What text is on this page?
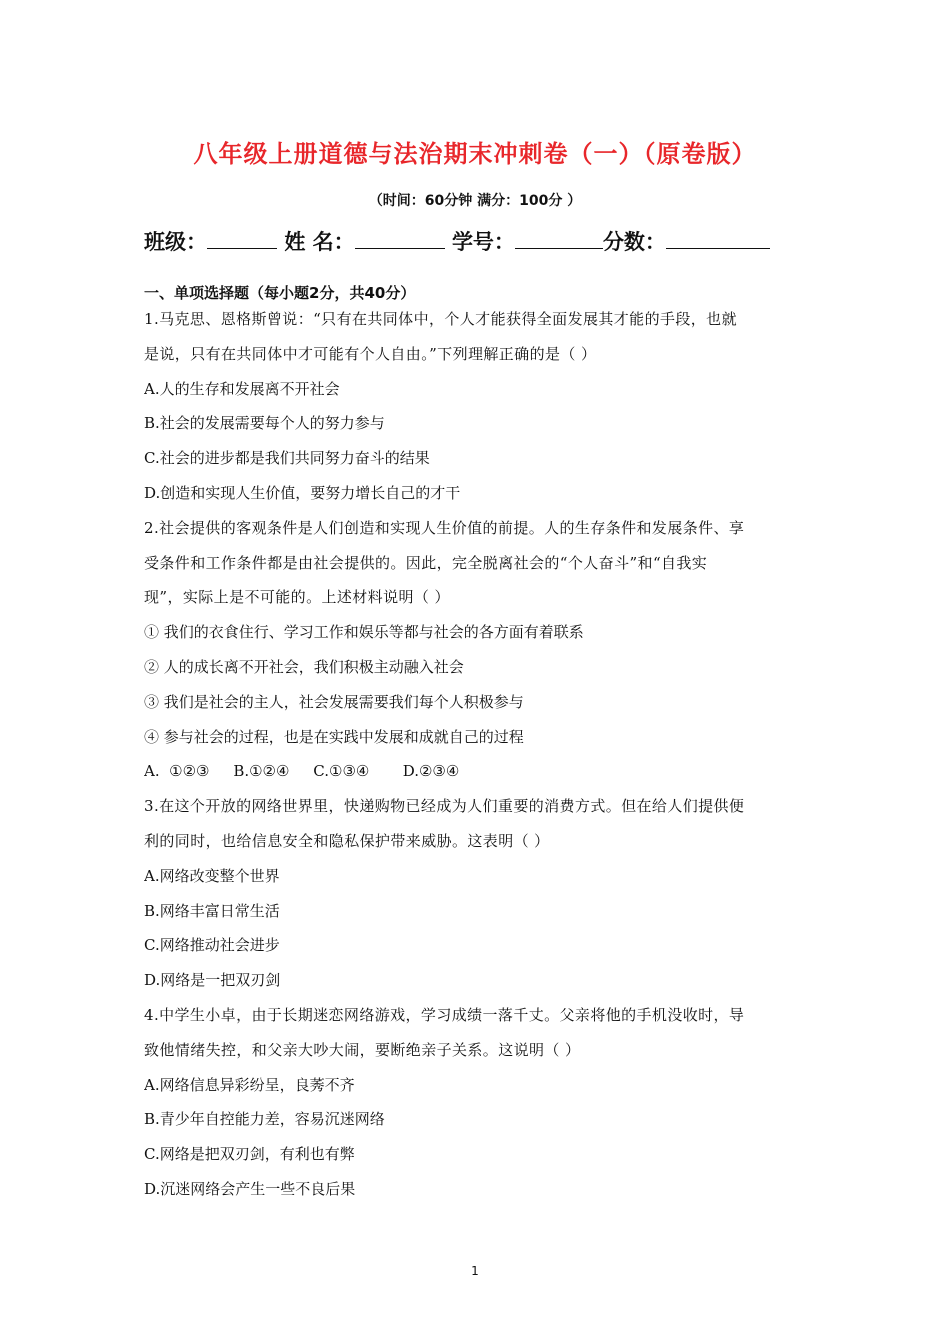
八年级上册道德与法治期末冲刺卷（一）（原卷版）
（时间：60分钟 满分：100分 ）
班级：	姓 名：	学号：	分数：
一、单项选择题（每小题2分，共40分）
1.马克思、恩格斯曾说：“只有在共同体中，个人才能获得全面发展其才能的手段，也就
是说，只有在共同体中才可能有个人自由。”下列理解正确的是（ ）
A.人的生存和发展离不开社会
B.社会的发展需要每个人的努力参与
C.社会的进步都是我们共同努力奋斗的结果
D.创造和实现人生价值，要努力增长自己的才干
2.社会提供的客观条件是人们创造和实现人生价值的前提。人的生存条件和发展条件、享
受条件和工作条件都是由社会提供的。因此，完全脱离社会的“个人奋斗”和“自我实
现”，实际上是不可能的。上述材料说明（ ）
① 我们的衣食住行、学习工作和娱乐等都与社会的各方面有着联系
② 人的成长离不开社会，我们积极主动融入社会
③ 我们是社会的主人，社会发展需要我们每个人积极参与
④ 参与社会的过程，也是在实践中发展和成就自己的过程
A.  ①②③     B.①②④     C.①③④       D.②③④
3.在这个开放的网络世界里，快递购物已经成为人们重要的消费方式。但在给人们提供便
利的同时，也给信息安全和隐私保护带来威胁。这表明（ ）
A.网络改变整个世界
B.网络丰富日常生活
C.网络推动社会进步
D.网络是一把双刃剑
4.中学生小卓，由于长期迷恋网络游戏，学习成绩一落千丈。父亲将他的手机没收时，导
致他情绪失控，和父亲大吵大闹，要断绝亲子关系。这说明（ ）
A.网络信息异彩纷呈，良莠不齐
B.青少年自控能力差，容易沉迷网络
C.网络是把双刃剑，有利也有弊
D.沉迷网络会产生一些不良后果
1
